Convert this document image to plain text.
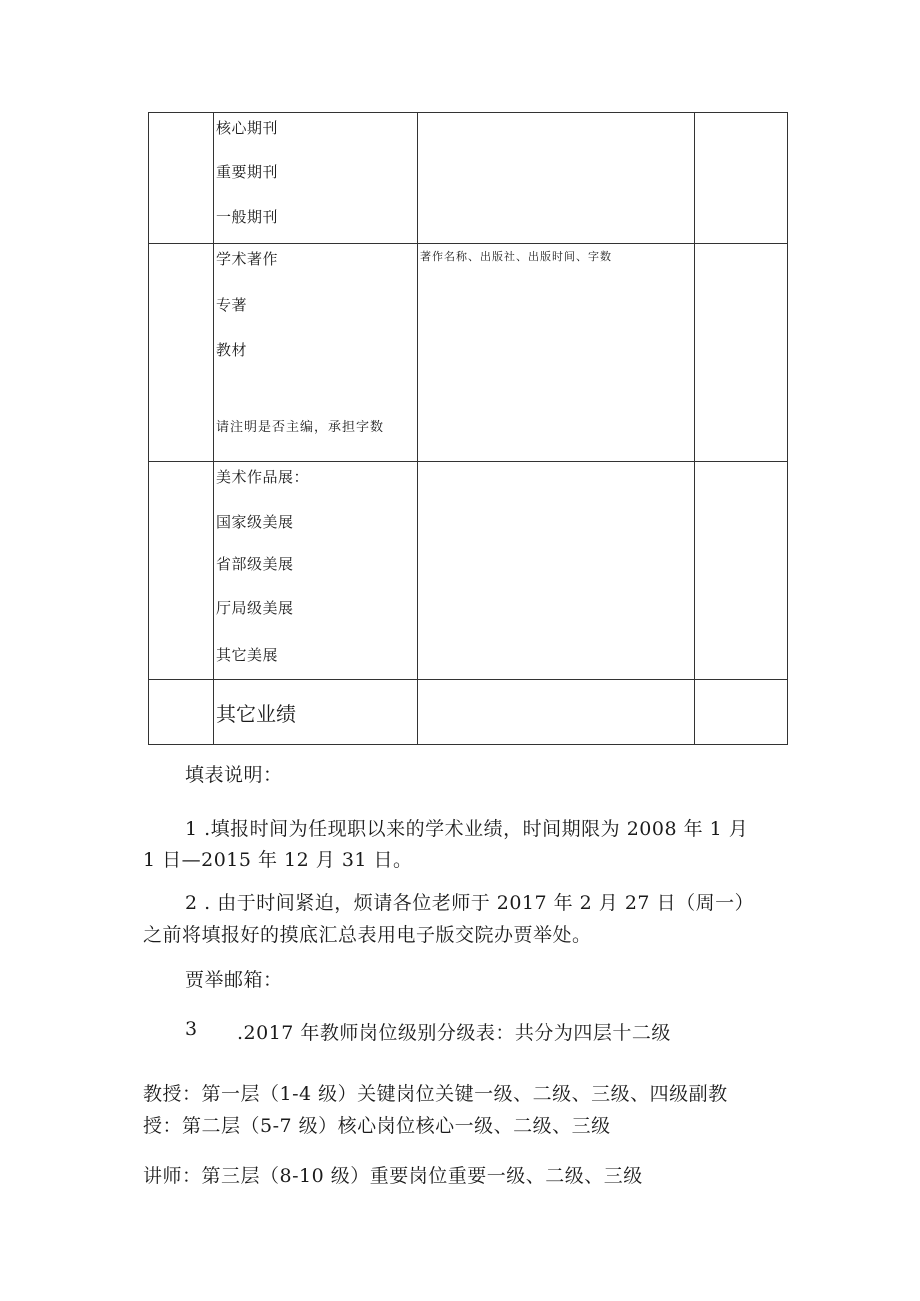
	核心期刊
重要期刊
一般期刊		

	学术著作
专著
教材
请注明是否主编，承担字数	著作名称、出版社、出版时间、字数	

	美术作品展：
国家级美展
省部级美展
厅局级美展
其它美展		

	其它业绩		

填表说明：
1 .填报时间为任现职以来的学术业绩，时间期限为 2008 年 1 月
1 日—2015 年 12 月 31 日。
2 . 由于时间紧迫，烦请各位老师于 2017 年 2 月 27 日（周一）
之前将填报好的摸底汇总表用电子版交院办贾举处。
贾举邮箱：
3 .2017 年教师岗位级别分级表：共分为四层十二级
教授：第一层（1-4 级）关键岗位关键一级、二级、三级、四级副教
授：第二层（5-7 级）核心岗位核心一级、二级、三级
讲师：第三层（8-10 级）重要岗位重要一级、二级、三级
